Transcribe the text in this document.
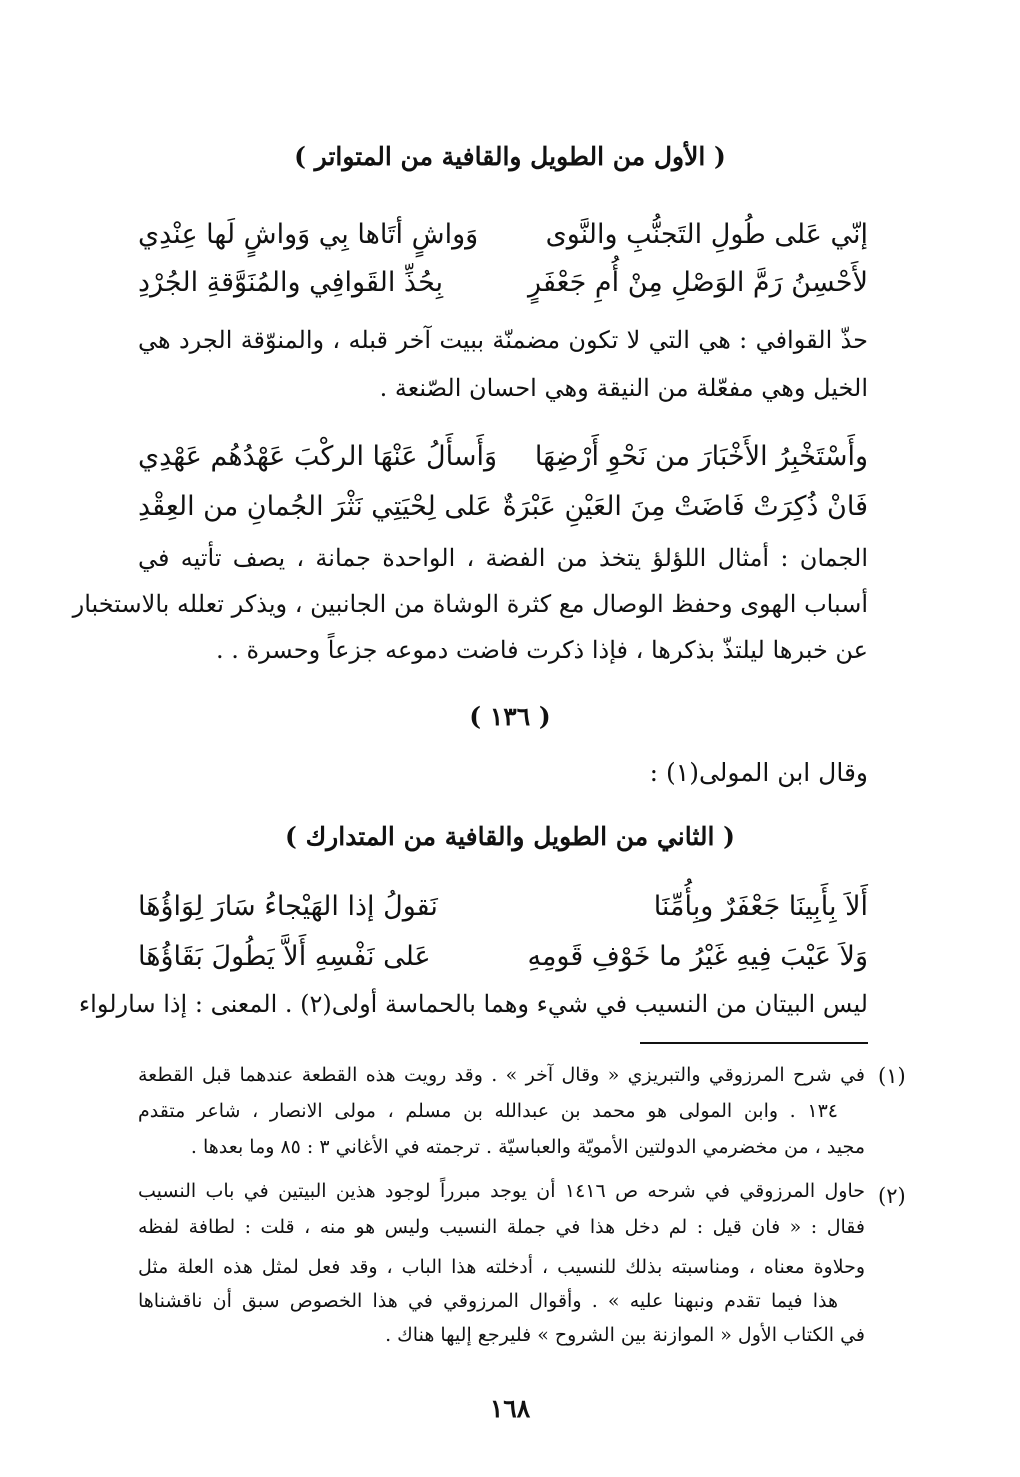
( الأول من الطويل والقافية من المتواتر )
إنّي عَلى طُولِ التَجنُّبِ والنَّوى
وَواشٍ أتَاها بِي وَواشٍ لَها عِنْدِي
لأَحْسِنُ رَمَّ الوَصْلِ مِنْ أُمِ جَعْفَرٍ
بِحُذِّ القَوافِي والمُنَوَّقةِ الجُرْدِ
حذّ القوافي : هي التي لا تكون مضمنّة ببيت آخر قبله ، والمنوّقة الجرد هي
الخيل وهي مفعّلة من النيقة وهي احسان الصّنعة .
وأَسْتَخْبِرُ الأَخْبَارَ من نَحْوِ أَرْضِهَا
وَأَسأَلُ عَنْهَا الركْبَ عَهْدُهُم عَهْدِي
فَانْ ذُكِرَتْ فَاضَتْ مِنَ العَيْنِ عَبْرَةٌ
عَلى لِحْيَتِي نَثْرَ الجُمانِ من العِقْدِ
الجمان : أمثال اللؤلؤ يتخذ من الفضة ، الواحدة جمانة ، يصف تأتيه في
أسباب الهوى وحفظ الوصال مع كثرة الوشاة من الجانبين ، ويذكر تعلله بالاستخبار
عن خبرها ليلتذّ بذكرها ، فإذا ذكرت فاضت دموعه جزعاً وحسرة . .
( ١٣٦ )
وقال ابن المولى(١) :
( الثاني من الطويل والقافية من المتدارك )
أَلاَ بِأَبِينَا جَعْفَرٌ وبِأُمِّنَا
نَقولُ إذا الهَيْجاءُ سَارَ لِوَاؤُهَا
وَلاَ عَيْبَ فِيهِ غَيْرُ ما خَوْفِ قَومِهِ
عَلى نَفْسِهِ أَلاَّ يَطُولَ بَقَاؤُهَا
ليس البيتان من النسيب في شيء وهما بالحماسة أولى(٢) . المعنى : إذا سارلواء
(١)
في شرح المرزوقي والتبريزي « وقال آخر » . وقد رويت هذه القطعة عندهما قبل القطعة
١٣٤ . وابن المولى هو محمد بن عبدالله بن مسلم ، مولى الانصار ، شاعر متقدم
مجيد ، من مخضرمي الدولتين الأمويّة والعباسيّة . ترجمته في الأغاني ٣ : ٨٥ وما بعدها .
(٢)
حاول المرزوقي في شرحه ص ١٤١٦ أن يوجد مبرراً لوجود هذين البيتين في باب النسيب
فقال : « فان قيل : لم دخل هذا في جملة النسيب وليس هو منه ، قلت : لطافة لفظه
وحلاوة معناه ، ومناسبته بذلك للنسيب ، أدخلته هذا الباب ، وقد فعل لمثل هذه العلة مثل
هذا فيما تقدم ونبهنا عليه » . وأقوال المرزوقي في هذا الخصوص سبق أن ناقشناها
في الكتاب الأول « الموازنة بين الشروح » فليرجع إليها هناك .
١٦٨
